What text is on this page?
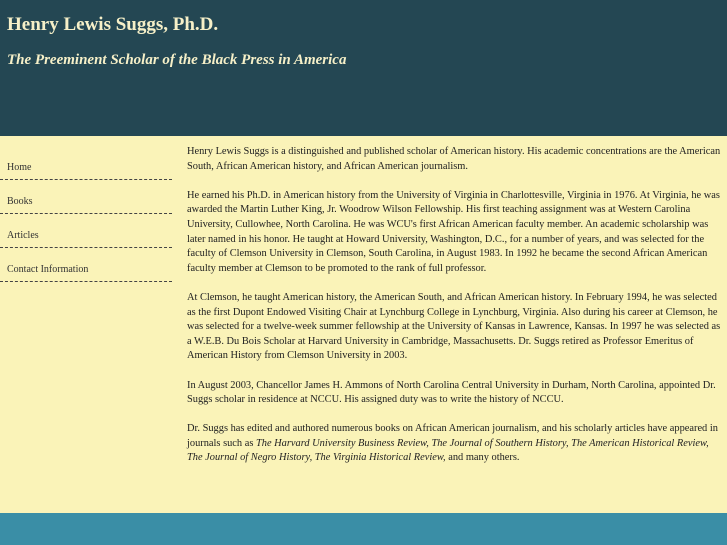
Henry Lewis Suggs, Ph.D.
The Preeminent Scholar of the Black Press in America
Home
Books
Articles
Contact Information

Henry Lewis Suggs is a distinguished and published scholar of American history. His academic concentrations are the American South, African American history, and African American journalism.

He earned his Ph.D. in American history from the University of Virginia in Charlottesville, Virginia in 1976. At Virginia, he was awarded the Martin Luther King, Jr. Woodrow Wilson Fellowship. His first teaching assignment was at Western Carolina University, Cullowhee, North Carolina. He was WCU's first African American faculty member. An academic scholarship was later named in his honor. He taught at Howard University, Washington, D.C., for a number of years, and was selected for the faculty of Clemson University in Clemson, South Carolina, in August 1983. In 1992 he became the second African American faculty member at Clemson to be promoted to the rank of full professor.

At Clemson, he taught American history, the American South, and African American history. In February 1994, he was selected as the first Dupont Endowed Visiting Chair at Lynchburg College in Lynchburg, Virginia. Also during his career at Clemson, he was selected for a twelve-week summer fellowship at the University of Kansas in Lawrence, Kansas. In 1997 he was selected as a W.E.B. Du Bois Scholar at Harvard University in Cambridge, Massachusetts. Dr. Suggs retired as Professor Emeritus of American History from Clemson University in 2003.

In August 2003, Chancellor James H. Ammons of North Carolina Central University in Durham, North Carolina, appointed Dr. Suggs scholar in residence at NCCU. His assigned duty was to write the history of NCCU.

Dr. Suggs has edited and authored numerous books on African American journalism, and his scholarly articles have appeared in journals such as The Harvard University Business Review, The Journal of Southern History, The American Historical Review, The Journal of Negro History, The Virginia Historical Review, and many others.
